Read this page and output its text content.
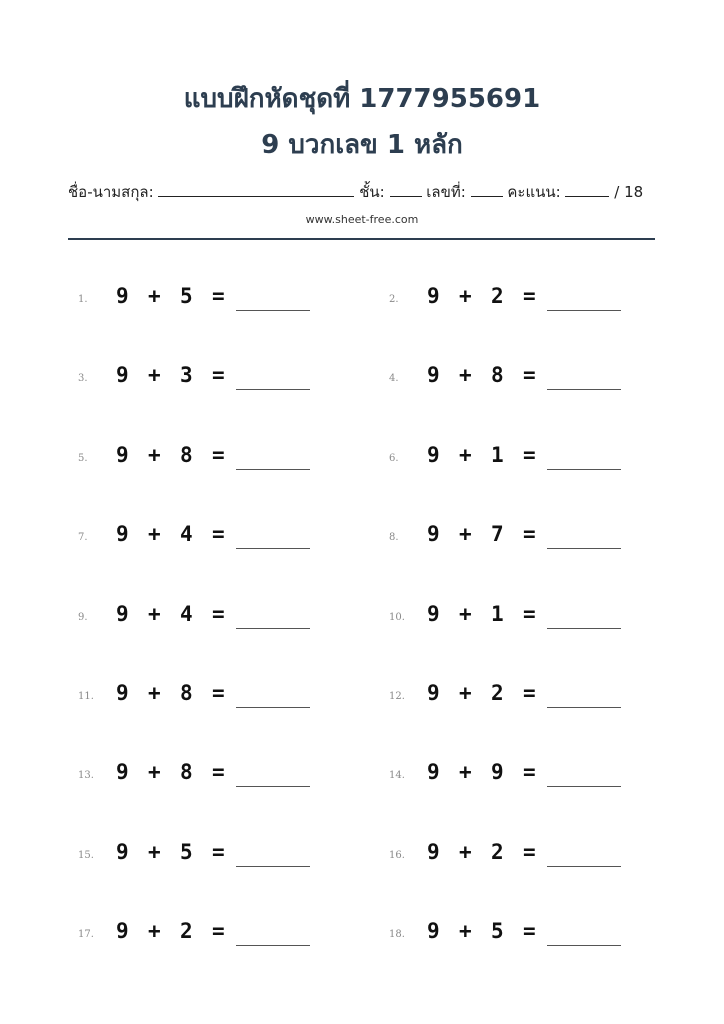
แบบฝึกหัดชุดที่ 1777955691
9 บวกเลข 1 หลัก
ชื่อ-นามสกุล:	ชั้น:	เลขที่:	คะแนน:	/ 18
www.sheet-free.com
1. 9 + 5 =	2. 9 + 2 =
3. 9 + 3 =	4. 9 + 8 =
5. 9 + 8 =	6. 9 + 1 =
7. 9 + 4 =	8. 9 + 7 =
9. 9 + 4 =	10. 9 + 1 =
11. 9 + 8 =	12. 9 + 2 =
13. 9 + 8 =	14. 9 + 9 =
15. 9 + 5 =	16. 9 + 2 =
17. 9 + 2 =	18. 9 + 5 =
